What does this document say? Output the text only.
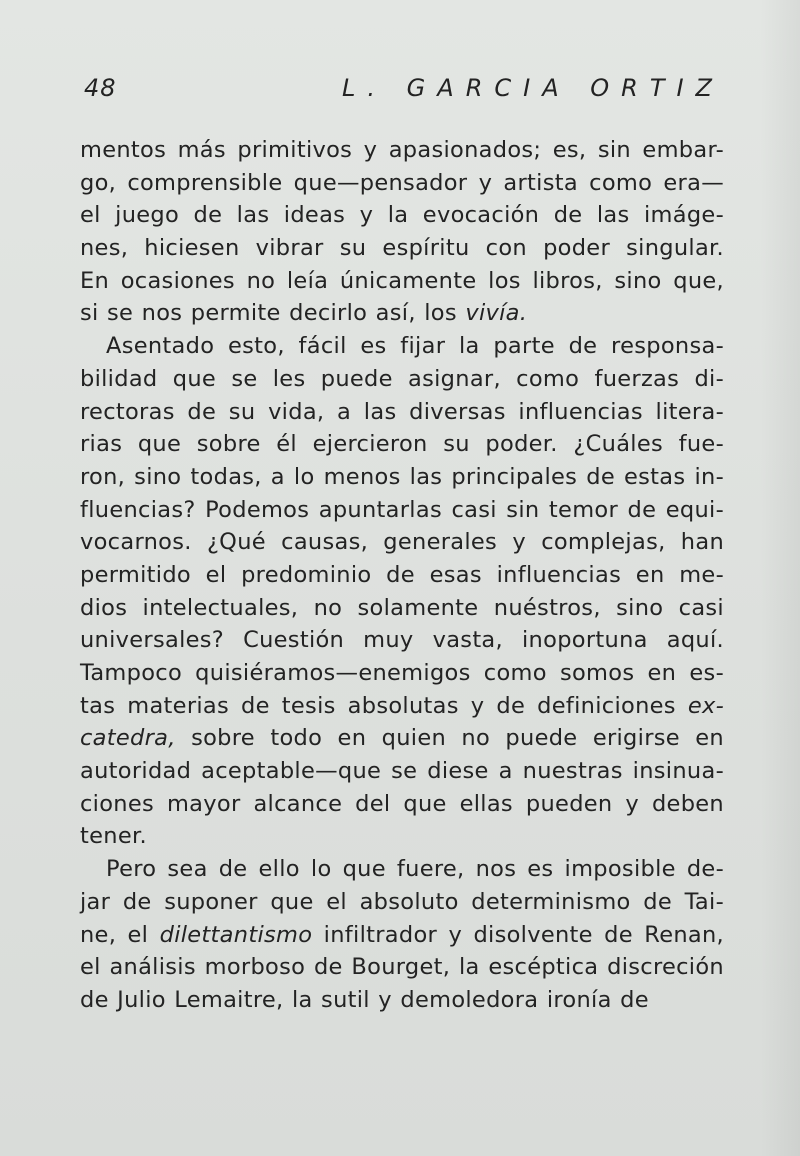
48	L. GARCIA ORTIZ
mentos más primitivos y apasionados; es, sin embar-
go, comprensible que—pensador y artista como era—
el juego de las ideas y la evocación de las imáge-
nes, hiciesen vibrar su espíritu con poder singular.
En ocasiones no leía únicamente los libros, sino que,
si se nos permite decirlo así, los vivía.
Asentado esto, fácil es fijar la parte de responsa-
bilidad que se les puede asignar, como fuerzas di-
rectoras de su vida, a las diversas influencias litera-
rias que sobre él ejercieron su poder. ¿Cuáles fue-
ron, sino todas, a lo menos las principales de estas in-
fluencias? Podemos apuntarlas casi sin temor de equi-
vocarnos. ¿Qué causas, generales y complejas, han
permitido el predominio de esas influencias en me-
dios intelectuales, no solamente nuéstros, sino casi
universales? Cuestión muy vasta, inoportuna aquí.
Tampoco quisiéramos—enemigos como somos en es-
tas materias de tesis absolutas y de definiciones ex-
catedra, sobre todo en quien no puede erigirse en
autoridad aceptable—que se diese a nuestras insinua-
ciones mayor alcance del que ellas pueden y deben
tener.
Pero sea de ello lo que fuere, nos es imposible de-
jar de suponer que el absoluto determinismo de Tai-
ne, el dilettantismo infiltrador y disolvente de Renan,
el análisis morboso de Bourget, la escéptica discreción
de Julio Lemaitre, la sutil y demoledora ironía de
